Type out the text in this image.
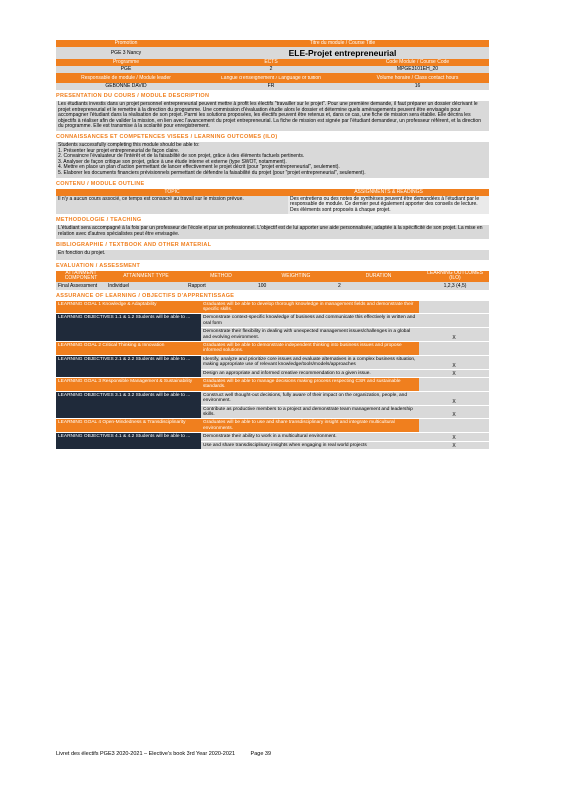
Promotion	Titre du module / Course Title
PGE 3 Nancy	ELE-Projet entrepreneurial
Programme	ECTS	Code Module / Course Code
PGE	2	MPGE3101EH_20
Responsable de module / Module leader	Langue d'enseignement / Language of tuition	Volume horaire / Class contact hours
GEBONNE DAVID	FR	16
PRESENTATION DU COURS / MODULE DESCRIPTION

Les étudiants investis dans un projet personnel entrepreneurial peuvent mettre à profit les électifs "travailler sur le projet". Pour une première demande, il faut préparer un dossier décrivant le projet entrepreneurial et le remettre à la direction du programme. Une commission d'évaluation étudie alors le dossier et détermine quels aménagements peuvent être envisagés pour accompagner l'étudiant dans la réalisation de son projet. Parmi les solutions proposées, les électifs peuvent être retenus et, dans ce cas, une fiche de mission sera établie. Elle décrira les objectifs à réaliser afin de valider la mission, en lien avec l'avancement du projet entrepreneurial. La fiche de mission est signée par l'étudiant demandeur, un professeur référent, et la direction du programme. Elle est transmise à la scolarité pour enregistrement.

CONNAISSANCES ET COMPETENCES VISEES / LEARNING OUTCOMES (ILO)

Students successfully completing this module should be able to:

1. Présenter leur projet entrepreneurial de façon claire.

2. Convaincre l'évaluateur de l'intérêt et de la faisabilité de son projet, grâce à des éléments factuels pertinents.

3. Analyser de façon critique son projet, grâce à une étude interne et externe (type SWOT, notamment).

4. Mettre en place un plan d'action permettant de lancer effectivement le projet décrit (pour "projet entrepreneurial", seulement).

5. Elaborer les documents financiers prévisionnels permettant de défendre la faisabilité du projet (pour "projet entrepreneurial", seulement).

CONTENU / MODULE OUTLINE
TOPIC	ASSIGNMENTS & READINGS

Il n'y a aucun cours associé, ce temps est consacré au travail sur le mission prévue.	Des entretiens ou des notes de synthèses peuvent être demandées à l'étudiant par le responsable de module. Ce dernier peut également apporter des conseils de lecture. Des éléments sont proposés à chaque projet.

METHODOLOGIE / TEACHING

L'étudiant sera accompagné à la fois par un professeur de l'école et par un professionnel. L'objectif est de lui apporter une aide personnalisée, adaptée à la spécificité de son projet. La mise en relation avec d'autres spécialistes peut être envisagée.

BIBLIOGRAPHIE / TEXTBOOK AND OTHER MATERIAL

En fonction du projet.

EVALUATION / ASSESSMENT
ATTAINMENT COMPONENT	ATTAINMENT TYPE	METHOD	WEIGHTING	DURATION	LEARNING OUTCOMES (ILO)
Final Assessment	Individuel	Rapport	100	2	1,2,3 (4,5)
ASSURANCE OF LEARNING / OBJECTIFS D'APPRENTISSAGE
LEARNING GOAL 1 Knowledge & Adaptability	Graduates will be able to develop thorough knowledge in management fields and demonstrate their specific skills.
LEARNING OBJECTIVES 1.1 & 1.2 Students will be able to ...	Demonstrate context-specific knowledge of business and communicate this effectively in written and oral form
Demonstrate their flexibility in dealing with unexpected management issues/challenges in a global and evolving environment.	X
LEARNING GOAL 2 Critical Thinking & Innovation	Graduates will be able to demonstrate independent thinking into business issues and propose informed solutions.
LEARNING OBJECTIVES 2.1 & 2.2 Students will be able to ...	Identify, analyze and prioritize core issues and evaluate alternatives in a complex business situation, making appropriate use of relevant knowledge/tools/models/approaches	X
Design an appropriate and informed creative recommendation to a given issue.	X
LEARNING GOAL 3 Responsible Management & Sustainability	Graduates will be able to manage decisions making process respecting CSR and sustainable standards.
LEARNING OBJECTIVES 3.1 & 3.2 Students will be able to ...	Construct well thought-out decisions, fully aware of their impact on the organization, people, and environment.	X
Contribute as productive members to a project and demonstrate team management and leadership skills.	X
LEARNING GOAL 4 Open-Mindedness & Transdisciplinarity	Graduates will be able to use and share transdisciplinary insight and integrate multicultural environments.
LEARNING OBJECTIVES 4.1 & 4.2 Students will be able to ...	Demonstrate their ability to work in a multicultural environment.	X
Use and share transdisciplinary insights when engaging in real world projects	X
Livret des électifs PGE3 2020-2021 – Elective's book 3rd Year 2020-2021	Page 39
